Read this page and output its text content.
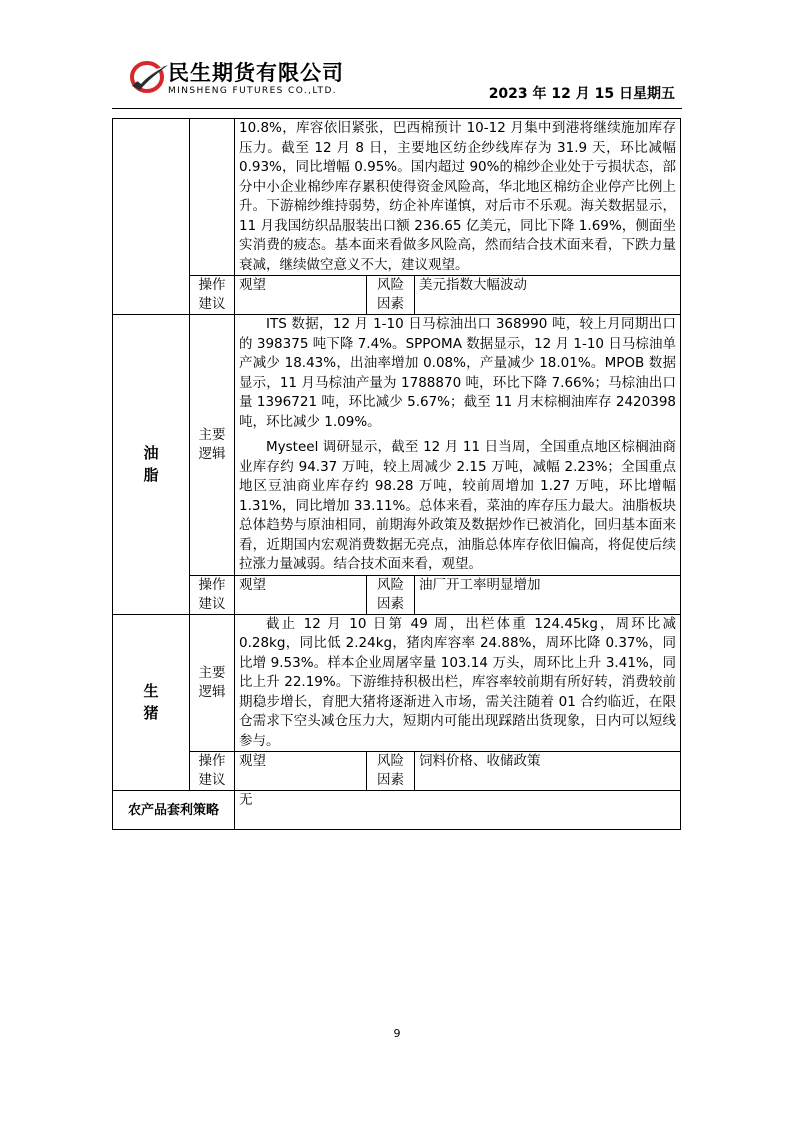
民生期货有限公司
MINSHENG FUTURES CO.,LTD.	2023 年 12 月 15 日星期五

		10.8%，库容依旧紧张，巴西棉预计 10-12 月集中到港将继续施加库存压力。截至 12 月 8 日，主要地区纺企纱线库存为 31.9 天，环比减幅 0.93%，同比增幅 0.95%。国内超过 90%的棉纱企业处于亏损状态，部分中小企业棉纱库存累积使得资金风险高，华北地区棉纺企业停产比例上升。下游棉纱维持弱势，纺企补库谨慎，对后市不乐观。海关数据显示，11 月我国纺织品服装出口额 236.65 亿美元，同比下降 1.69%，侧面坐实消费的疲态。基本面来看做多风险高，然而结合技术面来看，下跌力量衰减，继续做空意义不大，建议观望。		

	操作建议	观望	风险因素	美元指数大幅波动
油脂	主要逻辑	ITS 数据，12 月 1-10 日马棕油出口 368990 吨，较上月同期出口的 398375 吨下降 7.4%。SPPOMA 数据显示，12 月 1-10 日马棕油单产减少 18.43%，出油率增加 0.08%，产量减少 18.01%。MPOB 数据显示，11 月马棕油产量为 1788870 吨，环比下降 7.66%；马棕油出口量 1396721 吨，环比减少 5.67%；截至 11 月末棕榈油库存 2420398 吨，环比减少 1.09%。

Mysteel 调研显示，截至 12 月 11 日当周，全国重点地区棕榈油商业库存约 94.37 万吨，较上周减少 2.15 万吨，减幅 2.23%；全国重点地区豆油商业库存约 98.28 万吨，较前周增加 1.27 万吨，环比增幅 1.31%，同比增加 33.11%。总体来看，菜油的库存压力最大。油脂板块总体趋势与原油相同，前期海外政策及数据炒作已被消化，回归基本面来看，近期国内宏观消费数据无亮点，油脂总体库存依旧偏高，将促使后续拉涨力量减弱。结合技术面来看，观望。		

	操作建议	观望	风险因素	油厂开工率明显增加
生猪	主要逻辑	截止 12 月 10 日第 49 周，出栏体重 124.45kg，周环比减 0.28kg，同比低 2.24kg，猪肉库容率 24.88%，周环比降 0.37%，同比增 9.53%。样本企业周屠宰量 103.14 万头，周环比上升 3.41%，同比上升 22.19%。下游维持积极出栏，库容率较前期有所好转，消费较前期稳步增长，育肥大猪将逐渐进入市场，需关注随着 01 合约临近，在限仓需求下空头减仓压力大，短期内可能出现踩踏出货现象，日内可以短线参与。		

	操作建议	观望	风险因素	饲料价格、收储政策
农产品套利策略		无		
9
